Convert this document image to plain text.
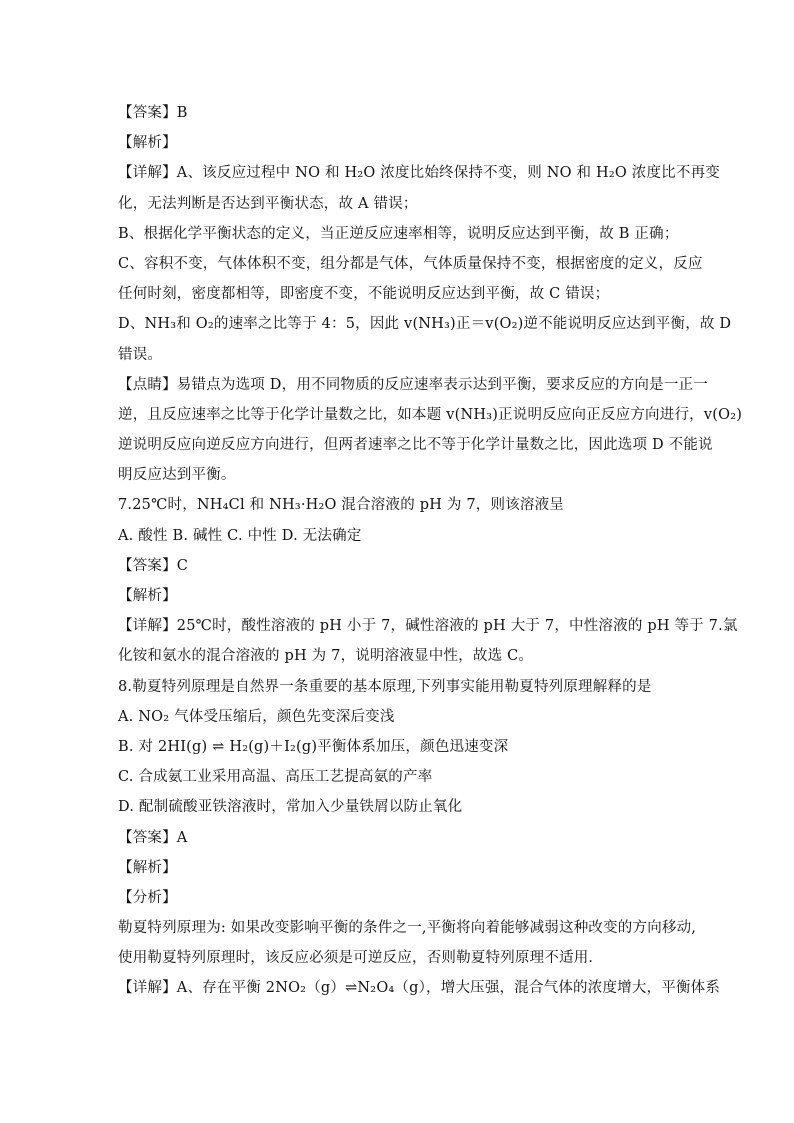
【答案】B
【解析】
【详解】A、该反应过程中 NO 和 H₂O 浓度比始终保持不变，则 NO 和 H₂O 浓度比不再变
化，无法判断是否达到平衡状态，故 A 错误；
B、根据化学平衡状态的定义，当正逆反应速率相等，说明反应达到平衡，故 B 正确；
C、容积不变，气体体积不变，组分都是气体，气体质量保持不变，根据密度的定义，反应
任何时刻，密度都相等，即密度不变，不能说明反应达到平衡，故 C 错误；
D、NH₃和 O₂的速率之比等于 4：5，因此 v(NH₃)正＝v(O₂)逆不能说明反应达到平衡，故 D
错误。
【点睛】易错点为选项 D，用不同物质的反应速率表示达到平衡，要求反应的方向是一正一
逆，且反应速率之比等于化学计量数之比，如本题 v(NH₃)正说明反应向正反应方向进行，v(O₂)
逆说明反应向逆反应方向进行，但两者速率之比不等于化学计量数之比，因此选项 D 不能说
明反应达到平衡。
7.25℃时，NH₄Cl 和 NH₃·H₂O 混合溶液的 pH 为 7，则该溶液呈
A. 酸性 B. 碱性 C. 中性 D. 无法确定
【答案】C
【解析】
【详解】25℃时，酸性溶液的 pH 小于 7，碱性溶液的 pH 大于 7，中性溶液的 pH 等于 7.氯
化铵和氨水的混合溶液的 pH 为 7，说明溶液显中性，故选 C。
8.勒夏特列原理是自然界一条重要的基本原理,下列事实能用勒夏特列原理解释的是
A. NO₂ 气体受压缩后，颜色先变深后变浅
B. 对 2HI(g) ⇌ H₂(g)＋I₂(g)平衡体系加压，颜色迅速变深
C. 合成氨工业采用高温、高压工艺提高氨的产率
D. 配制硫酸亚铁溶液时，常加入少量铁屑以防止氧化
【答案】A
【解析】
【分析】
勒夏特列原理为: 如果改变影响平衡的条件之一,平衡将向着能够减弱这种改变的方向移动,
使用勒夏特列原理时，该反应必须是可逆反应，否则勒夏特列原理不适用．
【详解】A、存在平衡 2NO₂（g）⇌N₂O₄（g），增大压强，混合气体的浓度增大，平衡体系
